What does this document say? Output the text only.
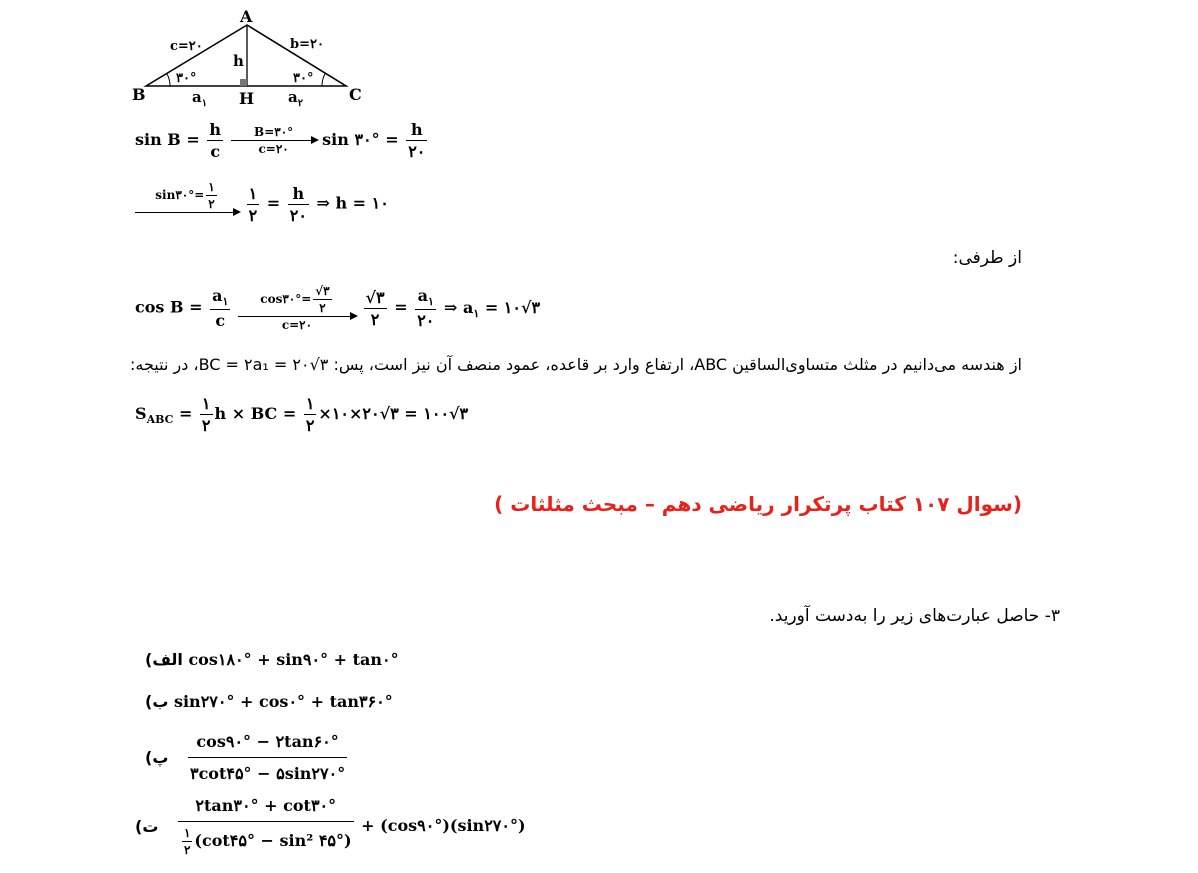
A
B	C
H
c=۲۰	b=۲۰
h
۳۰°	۳۰°
$a_۱$	$a_۲$
$\sin B = \frac{h}{c}$
$\frac{B=۳۰^\circ}{c=۲۰}$ sin ۳۰° = $\frac{h}{۲۰}$
sin۳۰°= $\frac{۱}{۲}$

$\frac{۱}{۲} = \frac{h}{۲۰}$ ⇒ h = ۱۰
از طرفی:
$\cos B = \frac{a_۱}{c}$
$\frac{\cos ۳۰^\circ= \frac{√۳}{۲}}{c=۲۰}$
$\frac{√۳}{۲} = \frac{a_۱}{۲۰}$ ⇒ $a_۱$ = ۱۰√۳
از هندسه می‌دانیم در مثلث متساوی‌الساقین ABC، ارتفاع وارد بر قاعده، عمود منصف آن نیز است، پس: BC = ۲a₁ = ۲۰√۳، در نتیجه:
$S_{ABC} = \frac{۱}{۲}$ h × BC = $\frac{۱}{۲}$ ×۱۰×۲۰√۳ = ۱۰۰√۳
(سوال ۱۰۷ کتاب پرتکرار ریاضی دهم – مبحث مثلثات )
۳- حاصل عبارت‌های زیر را به‌دست آورید.
(الف cos۱۸۰° + sin۹۰° + tan۰°
(ب sin۲۷۰° + cos۰° + tan۳۶۰°
(پ $\frac{\cos ۹۰^\circ - ۲\tan ۶۰^\circ}{۳\cot ۴۵^\circ - ۵\sin ۲۷۰^\circ}$
(ت $\frac{۲\tan ۳۰^\circ + \cot ۳۰^\circ}{\frac{۱}{۲} (\cot ۴۵^\circ - \sin^2 ۴۵^\circ)}$ + (cos۹۰°)(sin۲۷۰°)
